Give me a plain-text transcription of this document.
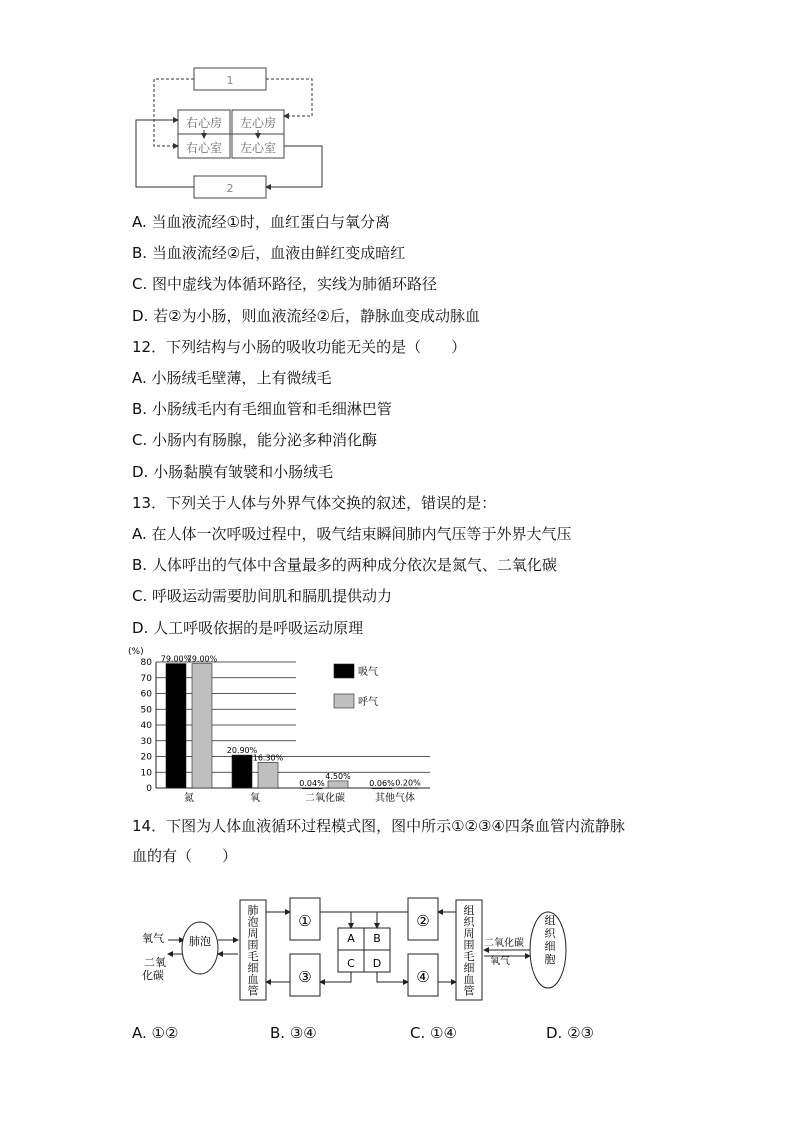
1
右心房 左心房
右心室 左心室
2
A. 当血液流经①时，血红蛋白与氧分离
B. 当血液流经②后，血液由鲜红变成暗红
C. 图中虚线为体循环路径，实线为肺循环路径
D. 若②为小肠，则血液流经②后，静脉血变成动脉血
12．下列结构与小肠的吸收功能无关的是（　　）
A. 小肠绒毛壁薄，上有微绒毛
B. 小肠绒毛内有毛细血管和毛细淋巴管
C. 小肠内有肠腺，能分泌多种消化酶
D. 小肠黏膜有皱襞和小肠绒毛
13．下列关于人体与外界气体交换的叙述，错误的是：
A. 在人体一次呼吸过程中，吸气结束瞬间肺内气压等于外界大气压
B. 人体呼出的气体中含量最多的两种成分依次是氮气、二氧化碳
C. 呼吸运动需要肋间肌和膈肌提供动力
D. 人工呼吸依据的是呼吸运动原理
(%)
0
10
20
30
40
50
60
70
80 79.00%
79.00%
氮
20.90%
16.30%
氧
0.04%
4.50%
二氧化碳
0.06% 0.20%
其他气体
吸气
呼气
14．下图为人体血液循环过程模式图，图中所示①②③④四条血管内流静脉
血的有（　　）
氧气
二氧
化碳
肺泡
肺泡周围毛细血管
①
③
A B
C D
②
④
组织周围毛细血管
二氧化碳
氧气
组织细胞
A. ①②	B. ③④	C. ①④	D. ②③
